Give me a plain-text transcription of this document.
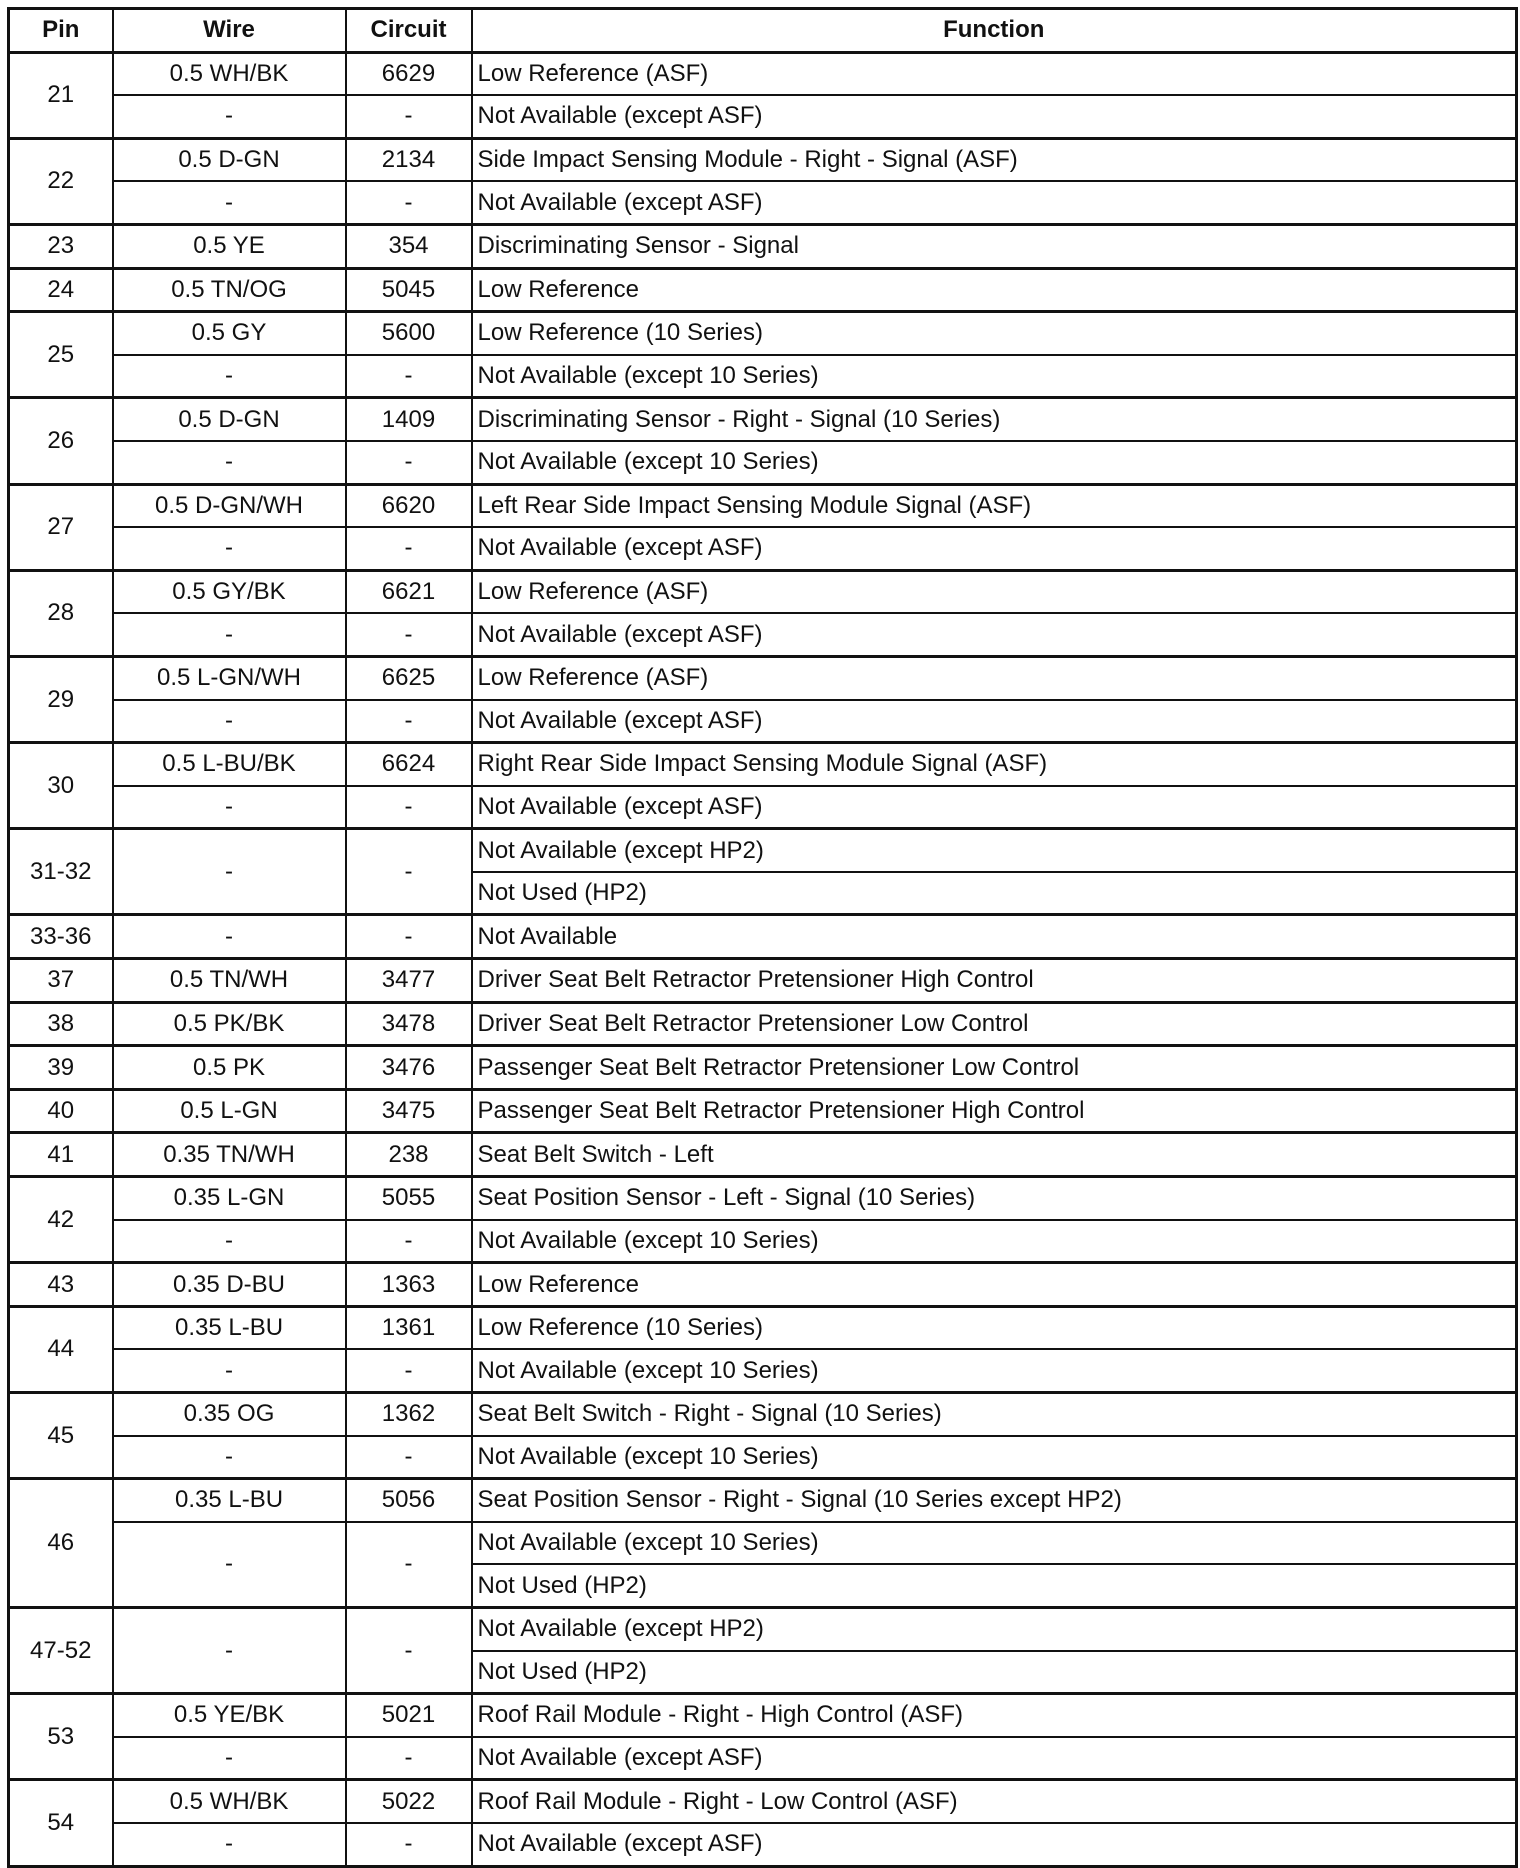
Pin	Wire	Circuit	Function
21	0.5 WH/BK	6629	Low Reference (ASF)
	-	-	Not Available (except ASF)
22	0.5 D-GN	2134	Side Impact Sensing Module - Right - Signal (ASF)
	-	-	Not Available (except ASF)
23	0.5 YE	354	Discriminating Sensor - Signal
24	0.5 TN/OG	5045	Low Reference
25	0.5 GY	5600	Low Reference (10 Series)
	-	-	Not Available (except 10 Series)
26	0.5 D-GN	1409	Discriminating Sensor - Right - Signal (10 Series)
	-	-	Not Available (except 10 Series)
27	0.5 D-GN/WH	6620	Left Rear Side Impact Sensing Module Signal (ASF)
	-	-	Not Available (except ASF)
28	0.5 GY/BK	6621	Low Reference (ASF)
	-	-	Not Available (except ASF)
29	0.5 L-GN/WH	6625	Low Reference (ASF)
	-	-	Not Available (except ASF)
30	0.5 L-BU/BK	6624	Right Rear Side Impact Sensing Module Signal (ASF)
	-	-	Not Available (except ASF)
31-32	-	-	Not Available (except HP2)
			Not Used (HP2)
33-36	-	-	Not Available
37	0.5 TN/WH	3477	Driver Seat Belt Retractor Pretensioner High Control
38	0.5 PK/BK	3478	Driver Seat Belt Retractor Pretensioner Low Control
39	0.5 PK	3476	Passenger Seat Belt Retractor Pretensioner Low Control
40	0.5 L-GN	3475	Passenger Seat Belt Retractor Pretensioner High Control
41	0.35 TN/WH	238	Seat Belt Switch - Left
42	0.35 L-GN	5055	Seat Position Sensor - Left - Signal (10 Series)
	-	-	Not Available (except 10 Series)
43	0.35 D-BU	1363	Low Reference
44	0.35 L-BU	1361	Low Reference (10 Series)
	-	-	Not Available (except 10 Series)
45	0.35 OG	1362	Seat Belt Switch - Right - Signal (10 Series)
	-	-	Not Available (except 10 Series)
46	0.35 L-BU	5056	Seat Position Sensor - Right - Signal (10 Series except HP2)
	-	-	Not Available (except 10 Series)
			Not Used (HP2)
47-52	-	-	Not Available (except HP2)
			Not Used (HP2)
53	0.5 YE/BK	5021	Roof Rail Module - Right - High Control (ASF)
	-	-	Not Available (except ASF)
54	0.5 WH/BK	5022	Roof Rail Module - Right - Low Control (ASF)
	-	-	Not Available (except ASF)
